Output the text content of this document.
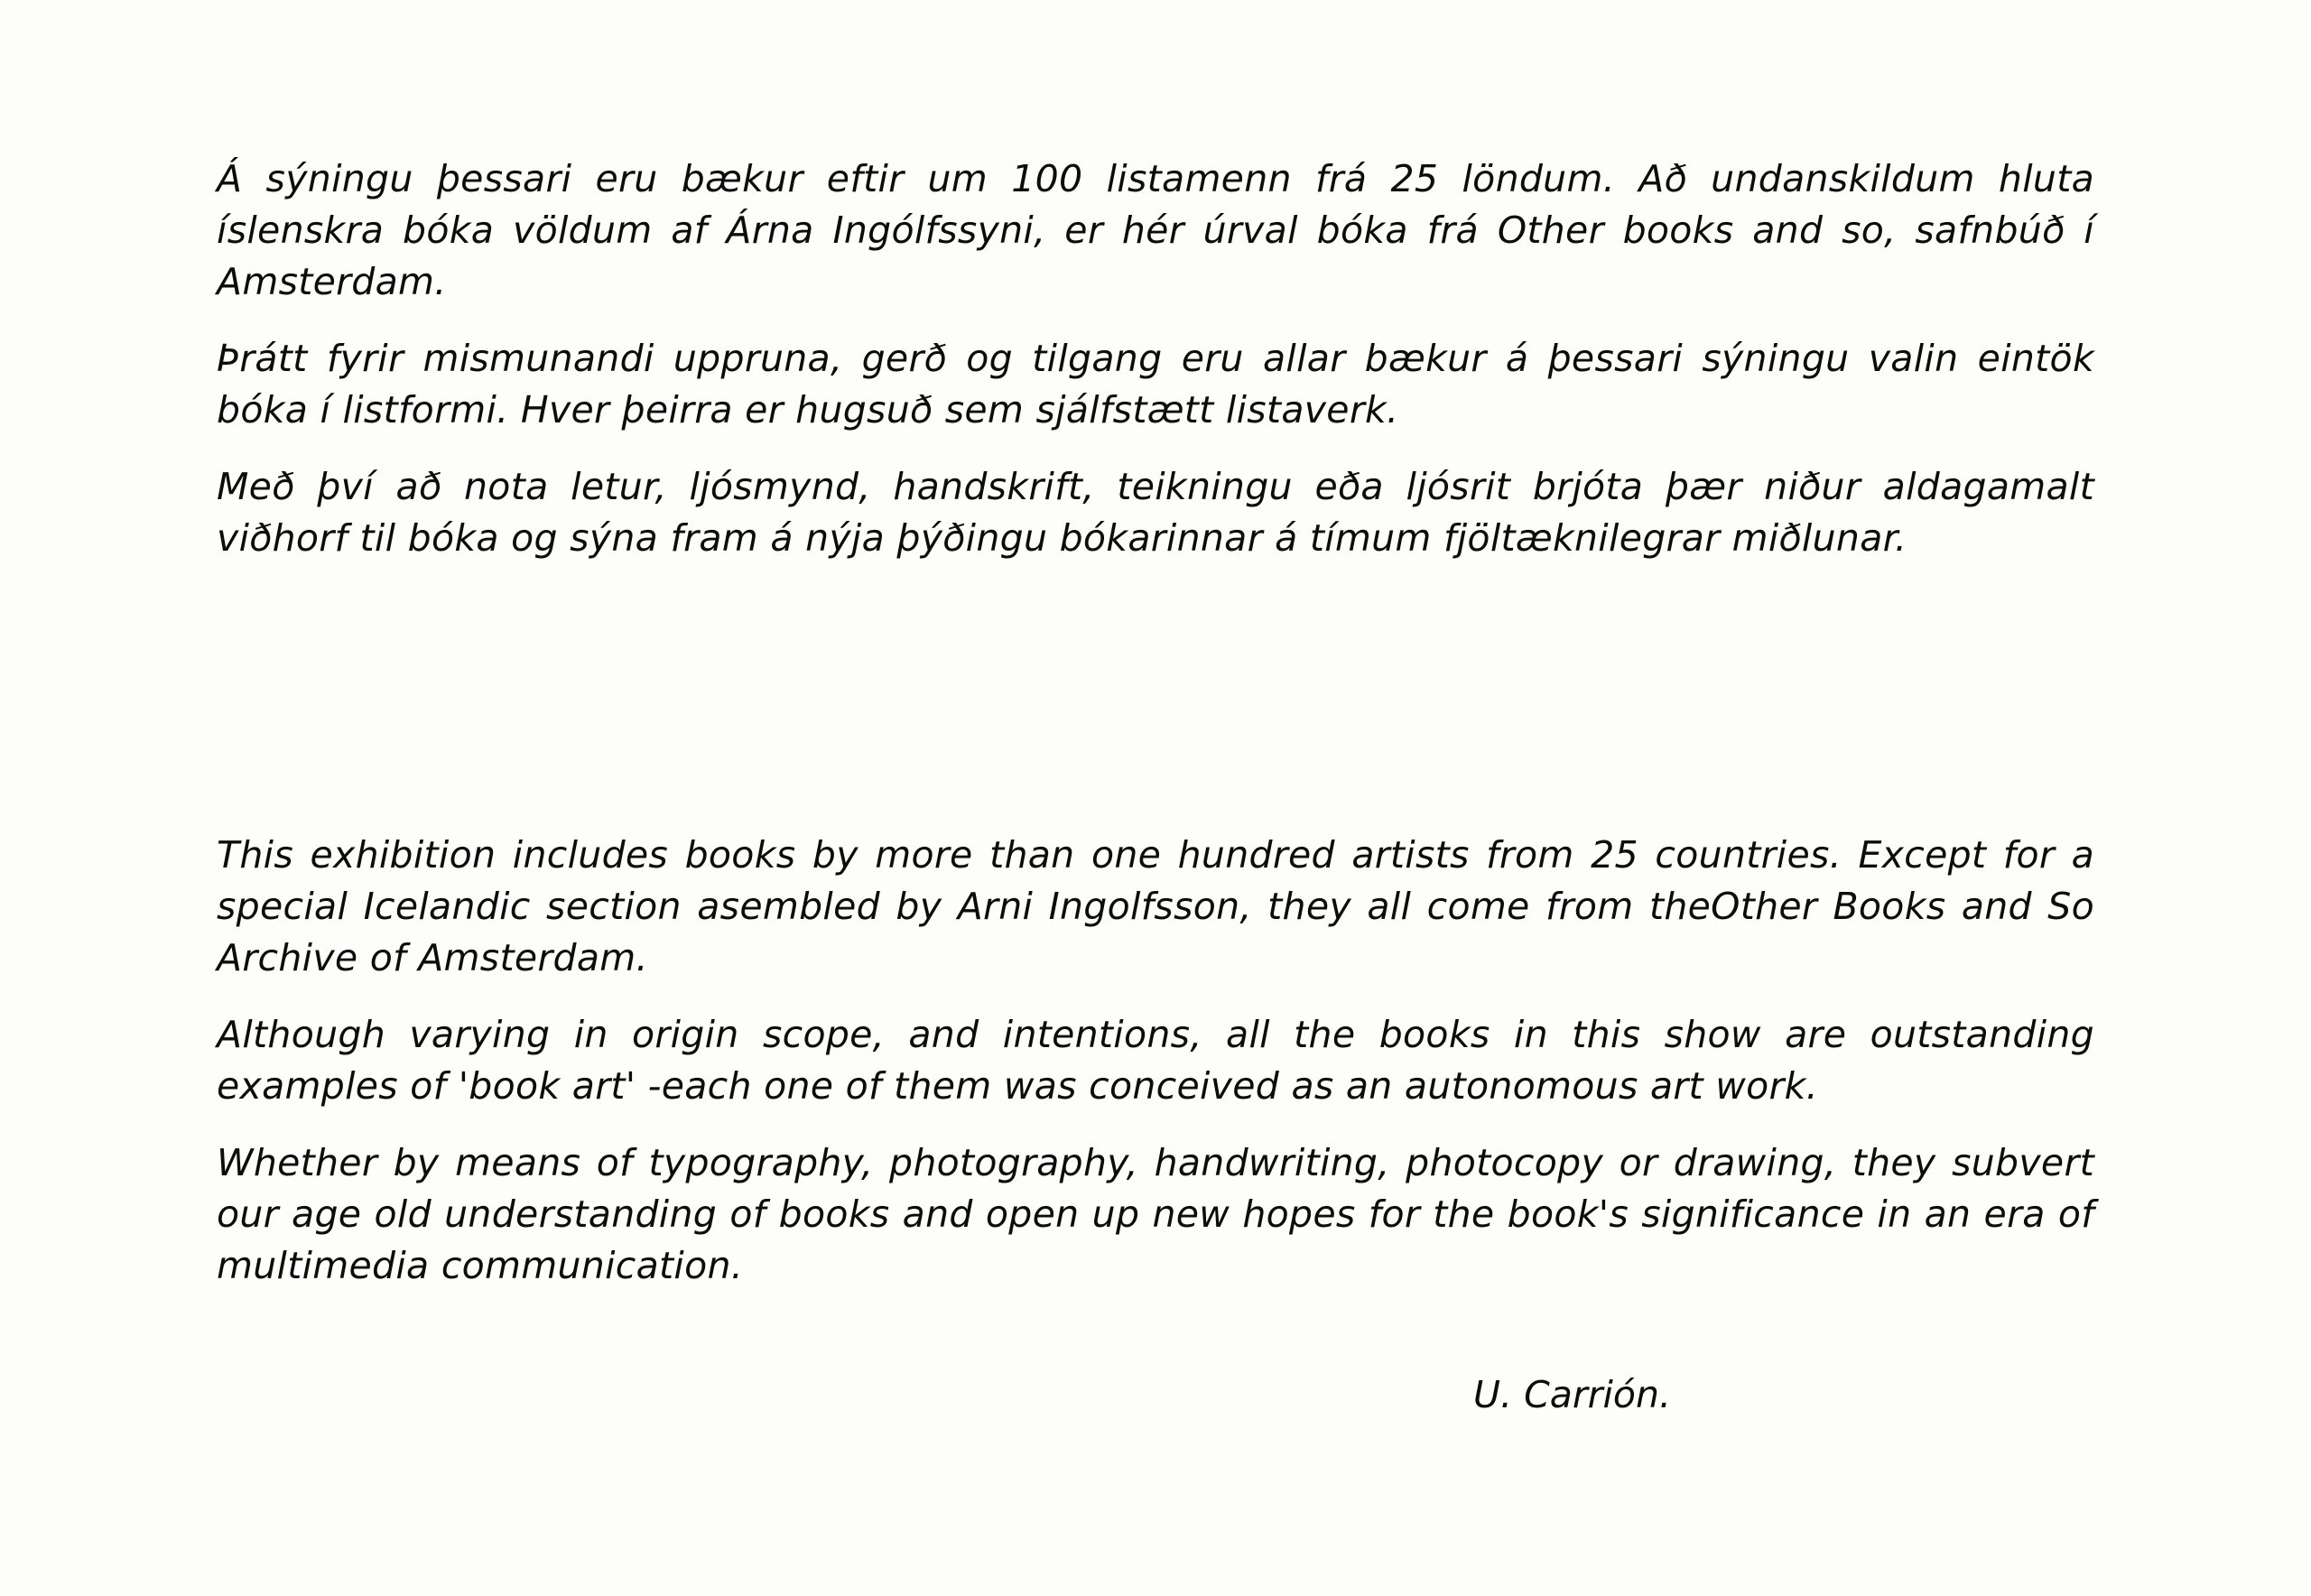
Á sýningu þessari eru bækur eftir um 100 listamenn frá 25 löndum. Að undanskildum hluta íslenskra bóka völdum af Árna Ingólfssyni, er hér úrval bóka frá Other books and so, safnbúð í Amsterdam.

Þrátt fyrir mismunandi uppruna, gerð og tilgang eru allar bækur á þessari sýningu valin eintök bóka í listformi. Hver þeirra er hugsuð sem sjálfstætt listaverk.

Með því að nota letur, ljósmynd, handskrift, teikningu eða ljósrit brjóta þær niður aldagamalt viðhorf til bóka og sýna fram á nýja þýðingu bókarinnar á tímum fjöltæknilegrar miðlunar.

This exhibition includes books by more than one hundred artists from 25 countries. Except for a special Icelandic section asembled by Arni Ingolfsson, they all come from theOther Books and So Archive of Amsterdam.

Although varying in origin scope, and intentions, all the books in this show are outstanding examples of 'book art' -each one of them was conceived as an autonomous art work.

Whether by means of typography, photography, handwriting, photocopy or drawing, they subvert our age old understanding of books and open up new hopes for the book's significance in an era of multimedia communication.

U. Carrión.
